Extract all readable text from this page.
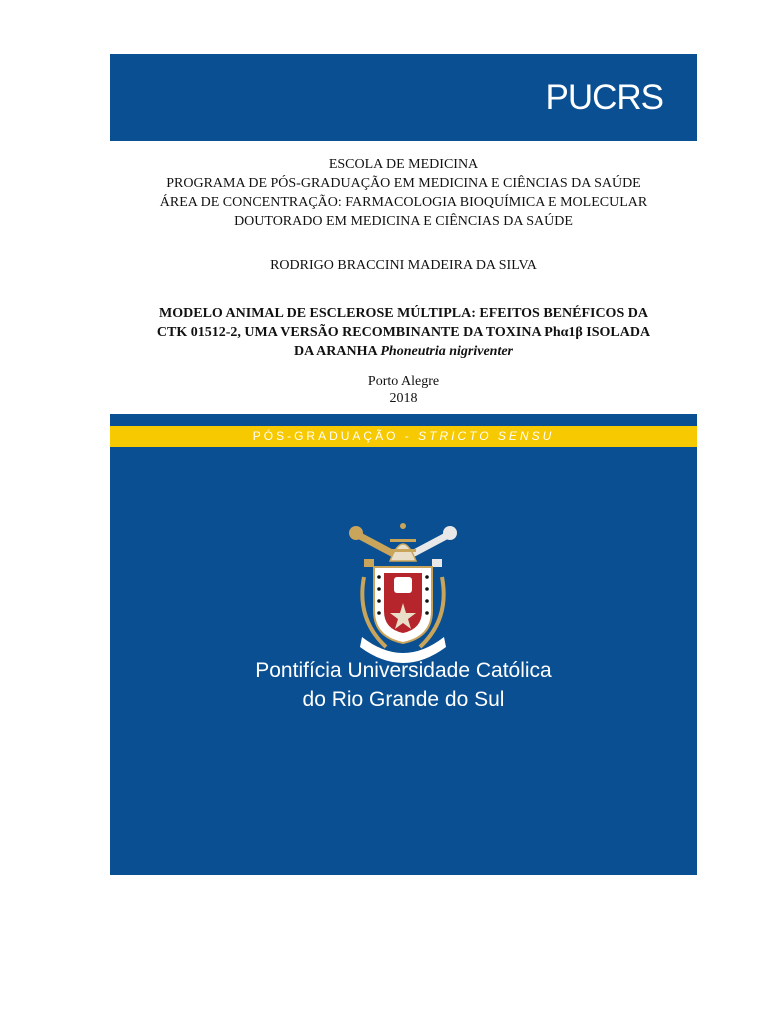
PUCRS
ESCOLA DE MEDICINA
PROGRAMA DE PÓS-GRADUAÇÃO EM MEDICINA E CIÊNCIAS DA SAÚDE
ÁREA DE CONCENTRAÇÃO: FARMACOLOGIA BIOQUÍMICA E MOLECULAR
DOUTORADO EM MEDICINA E CIÊNCIAS DA SAÚDE
RODRIGO BRACCINI MADEIRA DA SILVA
MODELO ANIMAL DE ESCLEROSE MÚLTIPLA: EFEITOS BENÉFICOS DA
CTK 01512-2, UMA VERSÃO RECOMBINANTE DA TOXINA Phα1β ISOLADA
DA ARANHA Phoneutria nigriventer
Porto Alegre
2018
PÓS-GRADUAÇÃO - STRICTO SENSU
Pontifícia Universidade Católica
do Rio Grande do Sul
